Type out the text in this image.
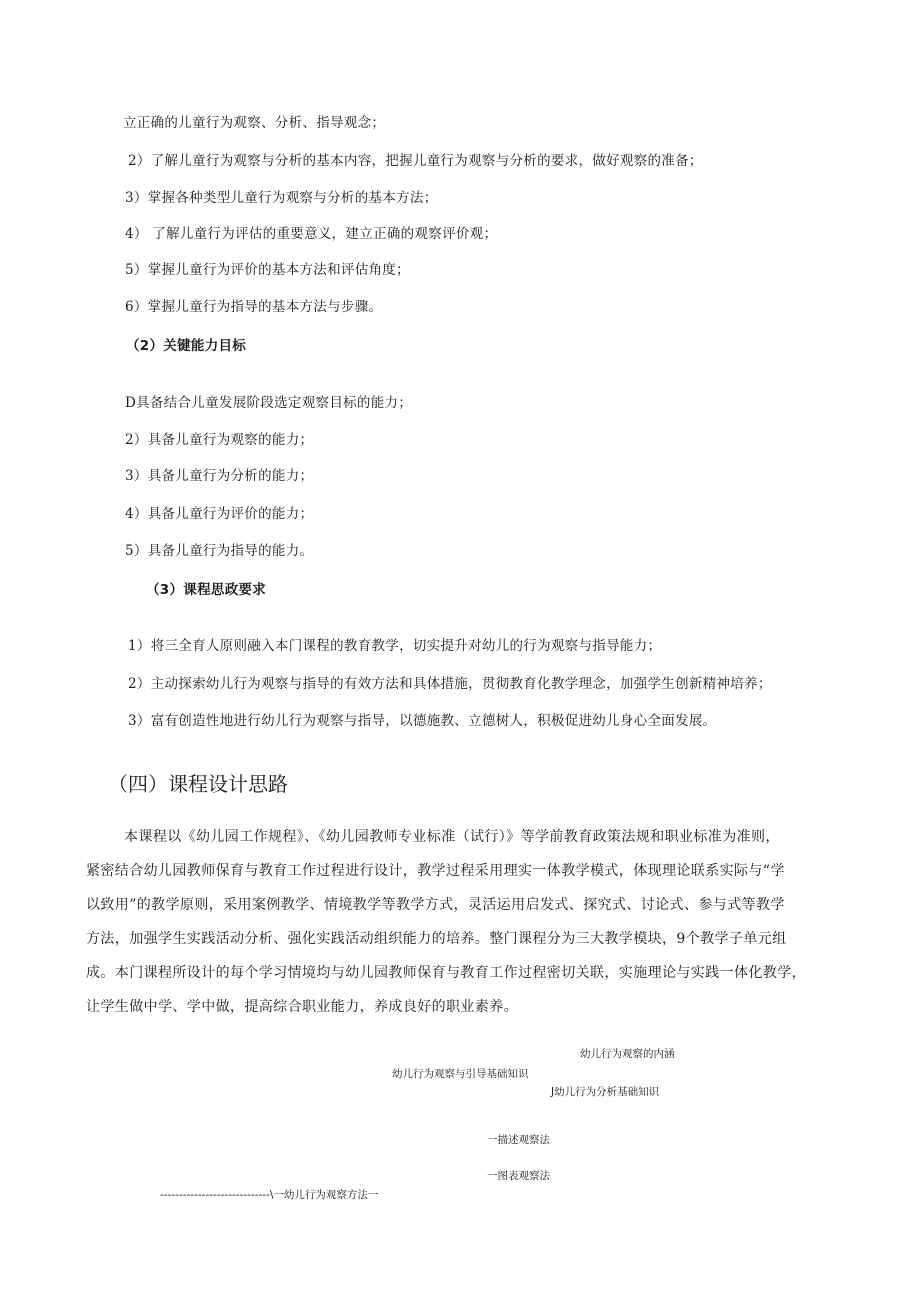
立正确的儿童行为观察、分析、指导观念；
2）了解儿童行为观察与分析的基本内容，把握儿童行为观察与分析的要求，做好观察的准备；
3）掌握各种类型儿童行为观察与分析的基本方法；
4） 了解儿童行为评估的重要意义，建立正确的观察评价观；
5）掌握儿童行为评价的基本方法和评估角度；
6）掌握儿童行为指导的基本方法与步骤。
（2）关键能力目标
D具备结合儿童发展阶段选定观察目标的能力；
2）具备儿童行为观察的能力；
3）具备儿童行为分析的能力；
4）具备儿童行为评价的能力；
5）具备儿童行为指导的能力。
（3）课程思政要求
1）将三全育人原则融入本门课程的教育教学，切实提升对幼儿的行为观察与指导能力；
2）主动探索幼儿行为观察与指导的有效方法和具体措施，贯彻教育化教学理念，加强学生创新精神培养；
3）富有创造性地进行幼儿行为观察与指导，以德施教、立德树人，积极促进幼儿身心全面发展。
（四）课程设计思路
本课程以《幼儿园工作规程》、《幼儿园教师专业标准（试行）》等学前教育政策法规和职业标准为准则，
紧密结合幼儿园教师保育与教育工作过程进行设计，教学过程采用理实一体教学模式，体现理论联系实际与“学
以致用”的教学原则，采用案例教学、情境教学等教学方式，灵活运用启发式、探究式、讨论式、参与式等教学
方法，加强学生实践活动分析、强化实践活动组织能力的培养。整门课程分为三大教学模块，9个教学子单元组
成。本门课程所设计的每个学习情境均与幼儿园教师保育与教育工作过程密切关联，实施理论与实践一体化教学，
让学生做中学、学中做，提高综合职业能力，养成良好的职业素养。
幼儿行为观察的内涵
幼儿行为观察与引导基础知识
J幼儿行为分析基础知识
一描述观察法
一图表观察法
-----------------------------\一幼儿行为观察方法一
